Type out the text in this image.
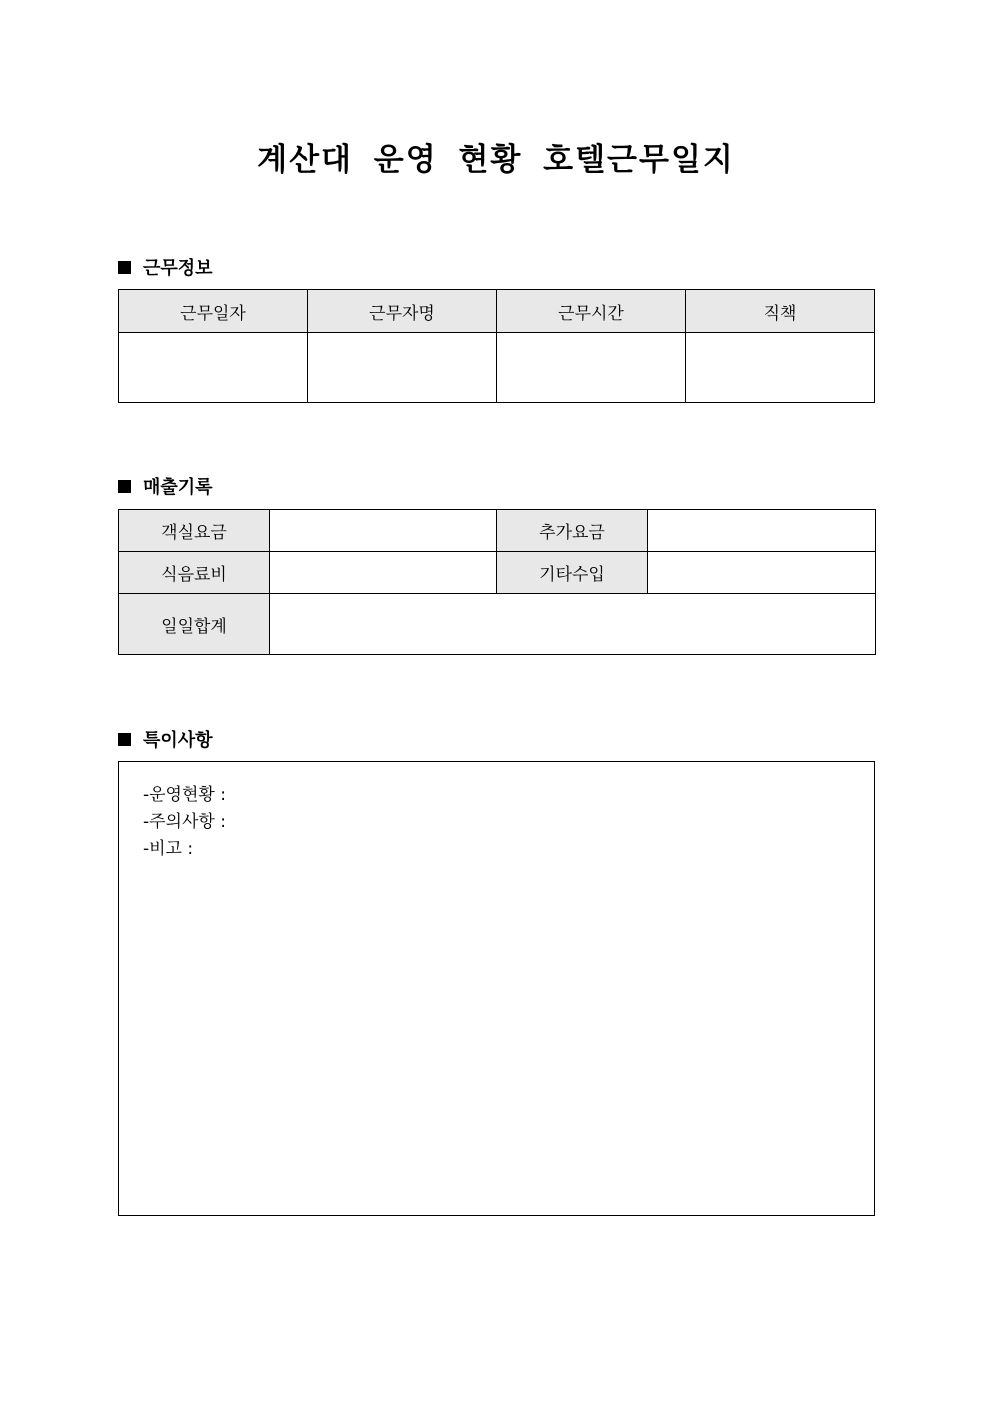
계산대 운영 현황 호텔근무일지
근무정보
근무일자	근무자명	근무시간	직책

매출기록
객실요금		추가요금	
식음료비		기타수입	
일일합계			
특이사항
-운영현황 :
-주의사항 :
-비고 :
